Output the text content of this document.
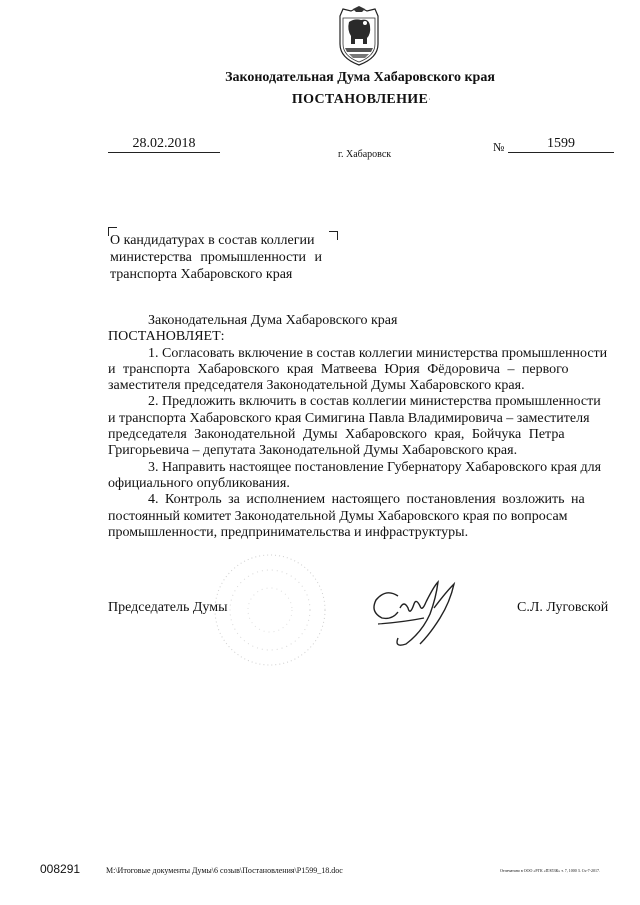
Законодательная Дума Хабаровского края
ПОСТАНОВЛЕНИЕ
28.02.2018
г. Хабаровск
№	1599
О кандидатурах в состав коллегии
министерства промышленности и
транспорта Хабаровского края
Законодательная Дума Хабаровского края
ПОСТАНОВЛЯЕТ:
1. Согласовать включение в состав коллегии министерства промышленности
и транспорта Хабаровского края Матвеева Юрия Фёдоровича – первого
заместителя председателя Законодательной Думы Хабаровского края.
2. Предложить включить в состав коллегии министерства промышленности
и транспорта Хабаровского края Симигина Павла Владимировича – заместителя
председателя Законодательной Думы Хабаровского края, Бойчука Петра
Григорьевича – депутата Законодательной Думы Хабаровского края.
3. Направить настоящее постановление Губернатору Хабаровского края для
официального опубликования.
4. Контроль за исполнением настоящего постановления возложить на
постоянный комитет Законодательной Думы Хабаровского края по вопросам
промышленности, предпринимательства и инфраструктуры.
Председатель Думы	С.Л. Луговской
˙
008291	М:\Итоговые документы Думы\6 созыв\Постановления\Р1599_18.doc	Отпечатано в ООО «РГК «ПЭЛЗК» т. 7, 1000 3. Сч-7-2017.
